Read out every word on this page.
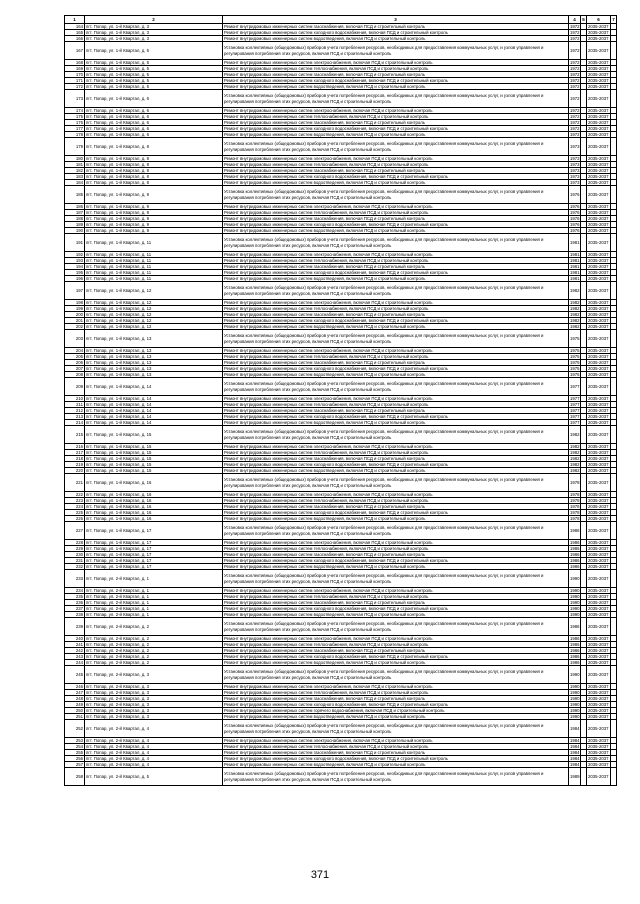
1	2	3	4	5	6	7
164	пгт. Попар, ул. 1-й Квартал, д. 3	Ремонт внутридомовых инженерных систем газоснабжения, включая ПСД и строительный контроль	1972		2035-2037	
165	пгт. Попар, ул. 1-й Квартал, д. 3	Ремонт внутридомовых инженерных систем холодного водоснабжения, включая ПСД и строительный контроль	1972		2035-2037	
166	пгт. Попар, ул. 1-й Квартал, д. 3	Ремонт внутридомовых инженерных систем водоотведения, включая ПСД и строительный контроль	1972		2035-2037	
167	пгт. Попар, ул. 1-й Квартал, д. 5	Установка коллективных (общедомовых) приборов учета потребления ресурсов, необходимых для предоставления коммунальных услуг, и узлов управления и регулирования потребления этих ресурсов, включая ПСД и строительный контроль	1972		2035-2037	
168	пгт. Попар, ул. 1-й Квартал, д. 5	Ремонт внутридомовых инженерных систем электроснабжения, включая ПСД и строительный контроль	1972		2035-2037	
169	пгт. Попар, ул. 1-й Квартал, д. 5	Ремонт внутридомовых инженерных систем теплоснабжения, включая ПСД и строительный контроль	1972		2035-2037	
170	пгт. Попар, ул. 1-й Квартал, д. 5	Ремонт внутридомовых инженерных систем газоснабжения, включая ПСД и строительный контроль	1972		2035-2037	
171	пгт. Попар, ул. 1-й Квартал, д. 5	Ремонт внутридомовых инженерных систем холодного водоснабжения, включая ПСД и строительный контроль	1972		2035-2037	
172	пгт. Попар, ул. 1-й Квартал, д. 5	Ремонт внутридомовых инженерных систем водоотведения, включая ПСД и строительный контроль	1972		2035-2037	
173	пгт. Попар, ул. 1-й Квартал, д. 6	Установка коллективных (общедомовых) приборов учета потребления ресурсов, необходимых для предоставления коммунальных услуг, и узлов управления и регулирования потребления этих ресурсов, включая ПСД и строительный контроль	1972		2035-2037	
174	пгт. Попар, ул. 1-й Квартал, д. 6	Ремонт внутридомовых инженерных систем электроснабжения, включая ПСД и строительный контроль	1972		2035-2037	
175	пгт. Попар, ул. 1-й Квартал, д. 6	Ремонт внутридомовых инженерных систем теплоснабжения, включая ПСД и строительный контроль	1972		2035-2037	
176	пгт. Попар, ул. 1-й Квартал, д. 6	Ремонт внутридомовых инженерных систем газоснабжения, включая ПСД и строительный контроль	1972		2035-2037	
177	пгт. Попар, ул. 1-й Квартал, д. 6	Ремонт внутридомовых инженерных систем холодного водоснабжения, включая ПСД и строительный контроль	1972		2035-2037	
178	пгт. Попар, ул. 1-й Квартал, д. 6	Ремонт внутридомовых инженерных систем водоотведения, включая ПСД и строительный контроль	1972		2035-2037	
179	пгт. Попар, ул. 1-й Квартал, д. 8	Установка коллективных (общедомовых) приборов учета потребления ресурсов, необходимых для предоставления коммунальных услуг, и узлов управления и регулирования потребления этих ресурсов, включая ПСД и строительный контроль	1973		2035-2037	
180	пгт. Попар, ул. 1-й Квартал, д. 8	Ремонт внутридомовых инженерных систем электроснабжения, включая ПСД и строительный контроль	1973		2035-2037	
181	пгт. Попар, ул. 1-й Квартал, д. 8	Ремонт внутридомовых инженерных систем теплоснабжения, включая ПСД и строительный контроль	1973		2035-2037	
182	пгт. Попар, ул. 1-й Квартал, д. 8	Ремонт внутридомовых инженерных систем газоснабжения, включая ПСД и строительный контроль	1973		2035-2037	
183	пгт. Попар, ул. 1-й Квартал, д. 8	Ремонт внутридомовых инженерных систем холодного водоснабжения, включая ПСД и строительный контроль	1973		2035-2037	
184	пгт. Попар, ул. 1-й Квартал, д. 8	Ремонт внутридомовых инженерных систем водоотведения, включая ПСД и строительный контроль	1973		2035-2037	
185	пгт. Попар, ул. 1-й Квартал, д. 9	Установка коллективных (общедомовых) приборов учета потребления ресурсов, необходимых для предоставления коммунальных услуг, и узлов управления и регулирования потребления этих ресурсов, включая ПСД и строительный контроль	1976		2035-2037	
186	пгт. Попар, ул. 1-й Квартал, д. 9	Ремонт внутридомовых инженерных систем электроснабжения, включая ПСД и строительный контроль	1976		2035-2037	
187	пгт. Попар, ул. 1-й Квартал, д. 9	Ремонт внутридомовых инженерных систем теплоснабжения, включая ПСД и строительный контроль	1976		2035-2037	
188	пгт. Попар, ул. 1-й Квартал, д. 9	Ремонт внутридомовых инженерных систем газоснабжения, включая ПСД и строительный контроль	1976		2035-2037	
189	пгт. Попар, ул. 1-й Квартал, д. 9	Ремонт внутридомовых инженерных систем холодного водоснабжения, включая ПСД и строительный контроль	1976		2035-2037	
190	пгт. Попар, ул. 1-й Квартал, д. 9	Ремонт внутридомовых инженерных систем водоотведения, включая ПСД и строительный контроль	1976		2035-2037	
191	пгт. Попар, ул. 1-й Квартал, д. 11	Установка коллективных (общедомовых) приборов учета потребления ресурсов, необходимых для предоставления коммунальных услуг, и узлов управления и регулирования потребления этих ресурсов, включая ПСД и строительный контроль	1981		2035-2037	
192	пгт. Попар, ул. 1-й Квартал, д. 11	Ремонт внутридомовых инженерных систем электроснабжения, включая ПСД и строительный контроль	1981		2035-2037	
193	пгт. Попар, ул. 1-й Квартал, д. 11	Ремонт внутридомовых инженерных систем теплоснабжения, включая ПСД и строительный контроль	1981		2035-2037	
194	пгт. Попар, ул. 1-й Квартал, д. 11	Ремонт внутридомовых инженерных систем газоснабжения, включая ПСД и строительный контроль	1981		2035-2037	
195	пгт. Попар, ул. 1-й Квартал, д. 11	Ремонт внутридомовых инженерных систем холодного водоснабжения, включая ПСД и строительный контроль	1981		2035-2037	
196	пгт. Попар, ул. 1-й Квартал, д. 11	Ремонт внутридомовых инженерных систем водоотведения, включая ПСД и строительный контроль	1981		2035-2037	
197	пгт. Попар, ул. 1-й Квартал, д. 12	Установка коллективных (общедомовых) приборов учета потребления ресурсов, необходимых для предоставления коммунальных услуг, и узлов управления и регулирования потребления этих ресурсов, включая ПСД и строительный контроль	1982		2035-2037	
198	пгт. Попар, ул. 1-й Квартал, д. 12	Ремонт внутридомовых инженерных систем электроснабжения, включая ПСД и строительный контроль	1982		2035-2037	
199	пгт. Попар, ул. 1-й Квартал, д. 12	Ремонт внутридомовых инженерных систем теплоснабжения, включая ПСД и строительный контроль	1982		2035-2037	
200	пгт. Попар, ул. 1-й Квартал, д. 12	Ремонт внутридомовых инженерных систем газоснабжения, включая ПСД и строительный контроль	1982		2035-2037	
201	пгт. Попар, ул. 1-й Квартал, д. 12	Ремонт внутридомовых инженерных систем холодного водоснабжения, включая ПСД и строительный контроль	1982		2035-2037	
202	пгт. Попар, ул. 1-й Квартал, д. 12	Ремонт внутридомовых инженерных систем водоотведения, включая ПСД и строительный контроль	1982		2035-2037	
203	пгт. Попар, ул. 1-й Квартал, д. 13	Установка коллективных (общедомовых) приборов учета потребления ресурсов, необходимых для предоставления коммунальных услуг, и узлов управления и регулирования потребления этих ресурсов, включая ПСД и строительный контроль	1975		2035-2037	
204	пгт. Попар, ул. 1-й Квартал, д. 13	Ремонт внутридомовых инженерных систем электроснабжения, включая ПСД и строительный контроль	1975		2035-2037	
205	пгт. Попар, ул. 1-й Квартал, д. 13	Ремонт внутридомовых инженерных систем теплоснабжения, включая ПСД и строительный контроль	1975		2035-2037	
206	пгт. Попар, ул. 1-й Квартал, д. 13	Ремонт внутридомовых инженерных систем газоснабжения, включая ПСД и строительный контроль	1975		2035-2037	
207	пгт. Попар, ул. 1-й Квартал, д. 13	Ремонт внутридомовых инженерных систем холодного водоснабжения, включая ПСД и строительный контроль	1975		2035-2037	
208	пгт. Попар, ул. 1-й Квартал, д. 13	Ремонт внутридомовых инженерных систем водоотведения, включая ПСД и строительный контроль	1975		2035-2037	
209	пгт. Попар, ул. 1-й Квартал, д. 14	Установка коллективных (общедомовых) приборов учета потребления ресурсов, необходимых для предоставления коммунальных услуг, и узлов управления и регулирования потребления этих ресурсов, включая ПСД и строительный контроль	1977		2035-2037	
210	пгт. Попар, ул. 1-й Квартал, д. 14	Ремонт внутридомовых инженерных систем электроснабжения, включая ПСД и строительный контроль	1977		2035-2037	
211	пгт. Попар, ул. 1-й Квартал, д. 14	Ремонт внутридомовых инженерных систем теплоснабжения, включая ПСД и строительный контроль	1977		2035-2037	
212	пгт. Попар, ул. 1-й Квартал, д. 14	Ремонт внутридомовых инженерных систем газоснабжения, включая ПСД и строительный контроль	1977		2035-2037	
213	пгт. Попар, ул. 1-й Квартал, д. 14	Ремонт внутридомовых инженерных систем холодного водоснабжения, включая ПСД и строительный контроль	1977		2035-2037	
214	пгт. Попар, ул. 1-й Квартал, д. 14	Ремонт внутридомовых инженерных систем водоотведения, включая ПСД и строительный контроль	1977		2035-2037	
215	пгт. Попар, ул. 1-й Квартал, д. 15	Установка коллективных (общедомовых) приборов учета потребления ресурсов, необходимых для предоставления коммунальных услуг, и узлов управления и регулирования потребления этих ресурсов, включая ПСД и строительный контроль	1982		2035-2037	
216	пгт. Попар, ул. 1-й Квартал, д. 15	Ремонт внутридомовых инженерных систем электроснабжения, включая ПСД и строительный контроль	1982		2035-2037	
217	пгт. Попар, ул. 1-й Квартал, д. 15	Ремонт внутридомовых инженерных систем теплоснабжения, включая ПСД и строительный контроль	1982		2035-2037	
218	пгт. Попар, ул. 1-й Квартал, д. 15	Ремонт внутридомовых инженерных систем газоснабжения, включая ПСД и строительный контроль	1982		2035-2037	
219	пгт. Попар, ул. 1-й Квартал, д. 15	Ремонт внутридомовых инженерных систем холодного водоснабжения, включая ПСД и строительный контроль	1982		2035-2037	
220	пгт. Попар, ул. 1-й Квартал, д. 15	Ремонт внутридомовых инженерных систем водоотведения, включая ПСД и строительный контроль	1982		2035-2037	
221	пгт. Попар, ул. 1-й Квартал, д. 16	Установка коллективных (общедомовых) приборов учета потребления ресурсов, необходимых для предоставления коммунальных услуг, и узлов управления и регулирования потребления этих ресурсов, включая ПСД и строительный контроль	1978		2035-2037	
222	пгт. Попар, ул. 1-й Квартал, д. 16	Ремонт внутридомовых инженерных систем электроснабжения, включая ПСД и строительный контроль	1978		2035-2037	
223	пгт. Попар, ул. 1-й Квартал, д. 16	Ремонт внутридомовых инженерных систем теплоснабжения, включая ПСД и строительный контроль	1978		2035-2037	
224	пгт. Попар, ул. 1-й Квартал, д. 16	Ремонт внутридомовых инженерных систем газоснабжения, включая ПСД и строительный контроль	1978		2035-2037	
225	пгт. Попар, ул. 1-й Квартал, д. 16	Ремонт внутридомовых инженерных систем холодного водоснабжения, включая ПСД и строительный контроль	1978		2035-2037	
226	пгт. Попар, ул. 1-й Квартал, д. 16	Ремонт внутридомовых инженерных систем водоотведения, включая ПСД и строительный контроль	1978		2035-2037	
227	пгт. Попар, ул. 1-й Квартал, д. 17	Установка коллективных (общедомовых) приборов учета потребления ресурсов, необходимых для предоставления коммунальных услуг, и узлов управления и регулирования потребления этих ресурсов, включая ПСД и строительный контроль	1986		2035-2037	
228	пгт. Попар, ул. 1-й Квартал, д. 17	Ремонт внутридомовых инженерных систем электроснабжения, включая ПСД и строительный контроль	1986		2035-2037	
229	пгт. Попар, ул. 1-й Квартал, д. 17	Ремонт внутридомовых инженерных систем теплоснабжения, включая ПСД и строительный контроль	1986		2035-2037	
230	пгт. Попар, ул. 1-й Квартал, д. 17	Ремонт внутридомовых инженерных систем газоснабжения, включая ПСД и строительный контроль	1986		2035-2037	
231	пгт. Попар, ул. 1-й Квартал, д. 17	Ремонт внутридомовых инженерных систем холодного водоснабжения, включая ПСД и строительный контроль	1986		2035-2037	
232	пгт. Попар, ул. 1-й Квартал, д. 17	Ремонт внутридомовых инженерных систем водоотведения, включая ПСД и строительный контроль	1986		2035-2037	
233	пгт. Попар, ул. 2-й Квартал, д. 1	Установка коллективных (общедомовых) приборов учета потребления ресурсов, необходимых для предоставления коммунальных услуг, и узлов управления и регулирования потребления этих ресурсов, включая ПСД и строительный контроль	1990		2035-2037	
234	пгт. Попар, ул. 2-й Квартал, д. 1	Ремонт внутридомовых инженерных систем электроснабжения, включая ПСД и строительный контроль	1990		2035-2037	
235	пгт. Попар, ул. 2-й Квартал, д. 1	Ремонт внутридомовых инженерных систем теплоснабжения, включая ПСД и строительный контроль	1990		2035-2037	
236	пгт. Попар, ул. 2-й Квартал, д. 1	Ремонт внутридомовых инженерных систем газоснабжения, включая ПСД и строительный контроль	1990		2035-2037	
237	пгт. Попар, ул. 2-й Квартал, д. 1	Ремонт внутридомовых инженерных систем холодного водоснабжения, включая ПСД и строительный контроль	1990		2035-2037	
238	пгт. Попар, ул. 2-й Квартал, д. 1	Ремонт внутридомовых инженерных систем водоотведения, включая ПСД и строительный контроль	1990		2035-2037	
239	пгт. Попар, ул. 2-й Квартал, д. 2	Установка коллективных (общедомовых) приборов учета потребления ресурсов, необходимых для предоставления коммунальных услуг, и узлов управления и регулирования потребления этих ресурсов, включая ПСД и строительный контроль	1986		2035-2037	
240	пгт. Попар, ул. 2-й Квартал, д. 2	Ремонт внутридомовых инженерных систем электроснабжения, включая ПСД и строительный контроль	1986		2035-2037	
241	пгт. Попар, ул. 2-й Квартал, д. 2	Ремонт внутридомовых инженерных систем теплоснабжения, включая ПСД и строительный контроль	1986		2035-2037	
242	пгт. Попар, ул. 2-й Квартал, д. 2	Ремонт внутридомовых инженерных систем газоснабжения, включая ПСД и строительный контроль	1986		2035-2037	
243	пгт. Попар, ул. 2-й Квартал, д. 2	Ремонт внутридомовых инженерных систем холодного водоснабжения, включая ПСД и строительный контроль	1986		2035-2037	
244	пгт. Попар, ул. 2-й Квартал, д. 2	Ремонт внутридомовых инженерных систем водоотведения, включая ПСД и строительный контроль	1986		2035-2037	
245	пгт. Попар, ул. 2-й Квартал, д. 3	Установка коллективных (общедомовых) приборов учета потребления ресурсов, необходимых для предоставления коммунальных услуг, и узлов управления и регулирования потребления этих ресурсов, включая ПСД и строительный контроль	1990		2035-2037	
246	пгт. Попар, ул. 2-й Квартал, д. 3	Ремонт внутридомовых инженерных систем электроснабжения, включая ПСД и строительный контроль	1990		2035-2037	
247	пгт. Попар, ул. 2-й Квартал, д. 3	Ремонт внутридомовых инженерных систем теплоснабжения, включая ПСД и строительный контроль	1990		2035-2037	
248	пгт. Попар, ул. 2-й Квартал, д. 3	Ремонт внутридомовых инженерных систем газоснабжения, включая ПСД и строительный контроль	1990		2035-2037	
249	пгт. Попар, ул. 2-й Квартал, д. 3	Ремонт внутридомовых инженерных систем холодного водоснабжения, включая ПСД и строительный контроль	1990		2035-2037	
250	пгт. Попар, ул. 2-й Квартал, д. 3	Ремонт внутридомовых инженерных систем горячего водоснабжения, включая ПСД и строительный контроль	1990		2035-2037	
251	пгт. Попар, ул. 2-й Квартал, д. 3	Ремонт внутридомовых инженерных систем водоотведения, включая ПСД и строительный контроль	1990		2035-2037	
252	пгт. Попар, ул. 2-й Квартал, д. 4	Установка коллективных (общедомовых) приборов учета потребления ресурсов, необходимых для предоставления коммунальных услуг, и узлов управления и регулирования потребления этих ресурсов, включая ПСД и строительный контроль	1984		2035-2037	
253	пгт. Попар, ул. 2-й Квартал, д. 4	Ремонт внутридомовых инженерных систем электроснабжения, включая ПСД и строительный контроль	1984		2035-2037	
254	пгт. Попар, ул. 2-й Квартал, д. 4	Ремонт внутридомовых инженерных систем теплоснабжения, включая ПСД и строительный контроль	1984		2035-2037	
255	пгт. Попар, ул. 2-й Квартал, д. 4	Ремонт внутридомовых инженерных систем газоснабжения, включая ПСД и строительный контроль	1984		2035-2037	
256	пгт. Попар, ул. 2-й Квартал, д. 4	Ремонт внутридомовых инженерных систем холодного водоснабжения, включая ПСД и строительный контроль	1984		2035-2037	
257	пгт. Попар, ул. 2-й Квартал, д. 4	Ремонт внутридомовых инженерных систем водоотведения, включая ПСД и строительный контроль	1984		2035-2037	
258	пгт. Попар, ул. 2-й Квартал, д. 5	Установка коллективных (общедомовых) приборов учета потребления ресурсов, необходимых для предоставления коммунальных услуг, и узлов управления и регулирования потребления этих ресурсов, включая ПСД и строительный контроль	1989		2035-2037	
371
